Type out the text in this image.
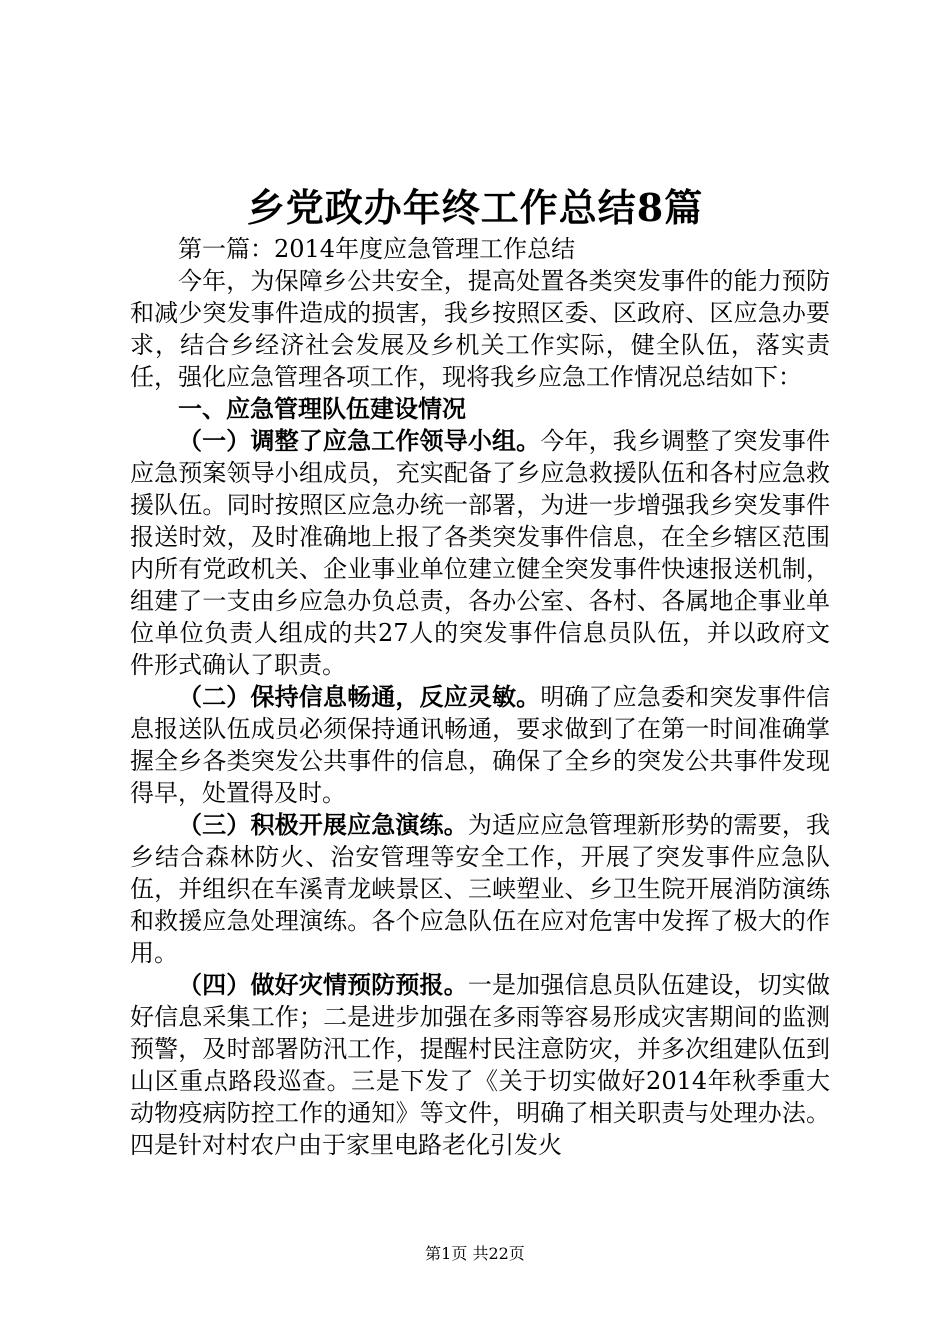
乡党政办年终工作总结8篇

第一篇：2014年度应急管理工作总结

今年，为保障乡公共安全，提高处置各类突发事件的能力预防和减少突发事件造成的损害，我乡按照区委、区政府、区应急办要求，结合乡经济社会发展及乡机关工作实际，健全队伍，落实责任，强化应急管理各项工作，现将我乡应急工作情况总结如下：

一、应急管理队伍建设情况

（一）调整了应急工作领导小组。今年，我乡调整了突发事件应急预案领导小组成员，充实配备了乡应急救援队伍和各村应急救援队伍。同时按照区应急办统一部署，为进一步增强我乡突发事件报送时效，及时准确地上报了各类突发事件信息，在全乡辖区范围内所有党政机关、企业事业单位建立健全突发事件快速报送机制，组建了一支由乡应急办负总责，各办公室、各村、各属地企事业单位单位负责人组成的共27人的突发事件信息员队伍，并以政府文件形式确认了职责。

（二）保持信息畅通，反应灵敏。明确了应急委和突发事件信息报送队伍成员必须保持通讯畅通，要求做到了在第一时间准确掌握全乡各类突发公共事件的信息，确保了全乡的突发公共事件发现得早，处置得及时。

（三）积极开展应急演练。为适应应急管理新形势的需要，我乡结合森林防火、治安管理等安全工作，开展了突发事件应急队伍，并组织在车溪青龙峡景区、三峡塑业、乡卫生院开展消防演练和救援应急处理演练。各个应急队伍在应对危害中发挥了极大的作用。

（四）做好灾情预防预报。一是加强信息员队伍建设，切实做好信息采集工作；二是进步加强在多雨等容易形成灾害期间的监测预警，及时部署防汛工作，提醒村民注意防灾，并多次组建队伍到山区重点路段巡查。三是下发了《关于切实做好2014年秋季重大动物疫病防控工作的通知》等文件，明确了相关职责与处理办法。四是针对村农户由于家里电路老化引发火

第1页 共22页
